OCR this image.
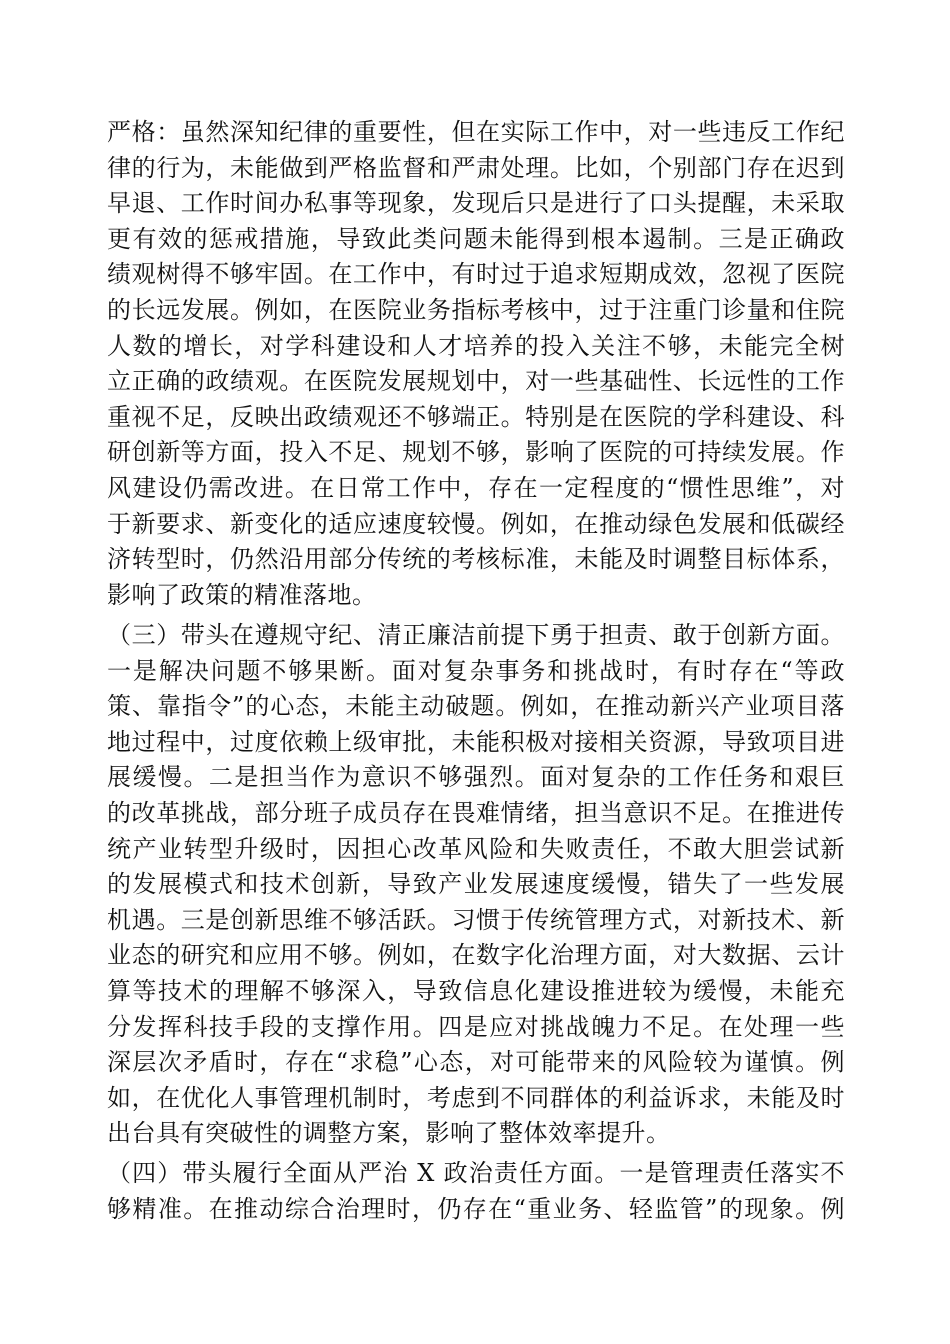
严格：虽然深知纪律的重要性，但在实际工作中，对一些违反工作纪
律的行为，未能做到严格监督和严肃处理。比如，个别部门存在迟到
早退、工作时间办私事等现象，发现后只是进行了口头提醒，未采取
更有效的惩戒措施，导致此类问题未能得到根本遏制。三是正确政
绩观树得不够牢固。在工作中，有时过于追求短期成效，忽视了医院
的长远发展。例如，在医院业务指标考核中，过于注重门诊量和住院
人数的增长，对学科建设和人才培养的投入关注不够，未能完全树
立正确的政绩观。在医院发展规划中，对一些基础性、长远性的工作
重视不足，反映出政绩观还不够端正。特别是在医院的学科建设、科
研创新等方面，投入不足、规划不够，影响了医院的可持续发展。作
风建设仍需改进。在日常工作中，存在一定程度的“惯性思维”，对
于新要求、新变化的适应速度较慢。例如，在推动绿色发展和低碳经
济转型时，仍然沿用部分传统的考核标准，未能及时调整目标体系，
影响了政策的精准落地。
（三）带头在遵规守纪、清正廉洁前提下勇于担责、敢于创新方面。
一是解决问题不够果断。面对复杂事务和挑战时，有时存在“等政
策、靠指令”的心态，未能主动破题。例如，在推动新兴产业项目落
地过程中，过度依赖上级审批，未能积极对接相关资源，导致项目进
展缓慢。二是担当作为意识不够强烈。面对复杂的工作任务和艰巨
的改革挑战，部分班子成员存在畏难情绪，担当意识不足。在推进传
统产业转型升级时，因担心改革风险和失败责任，不敢大胆尝试新
的发展模式和技术创新，导致产业发展速度缓慢，错失了一些发展
机遇。三是创新思维不够活跃。习惯于传统管理方式，对新技术、新
业态的研究和应用不够。例如，在数字化治理方面，对大数据、云计
算等技术的理解不够深入，导致信息化建设推进较为缓慢，未能充
分发挥科技手段的支撑作用。四是应对挑战魄力不足。在处理一些
深层次矛盾时，存在“求稳”心态，对可能带来的风险较为谨慎。例
如，在优化人事管理机制时，考虑到不同群体的利益诉求，未能及时
出台具有突破性的调整方案，影响了整体效率提升。
（四）带头履行全面从严治 X 政治责任方面。一是管理责任落实不
够精准。在推动综合治理时，仍存在“重业务、轻监管”的现象。例
